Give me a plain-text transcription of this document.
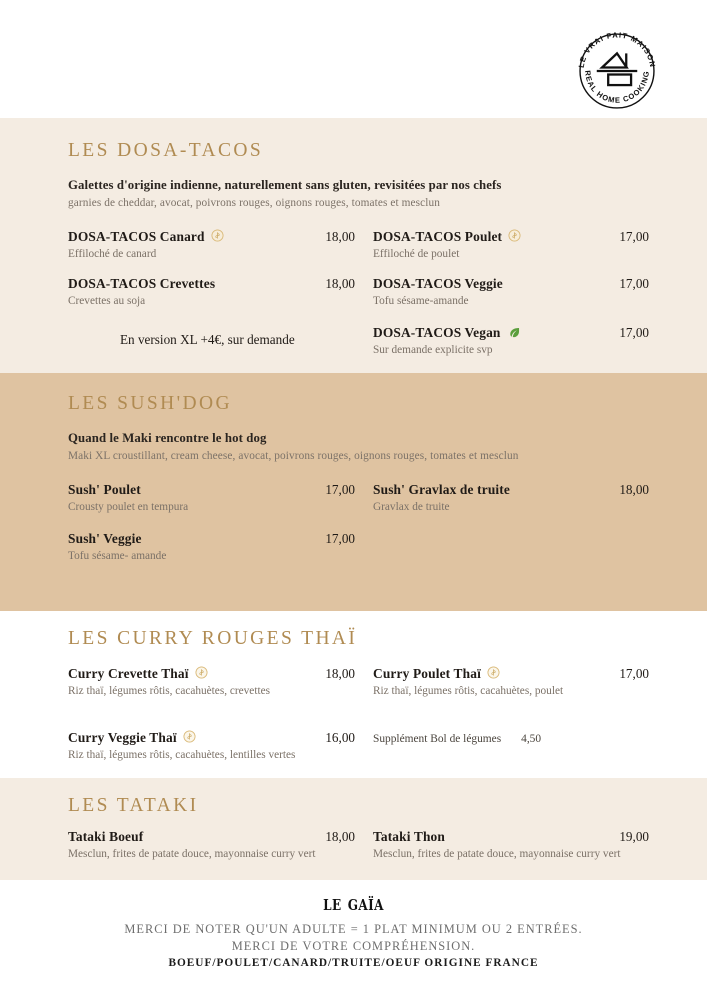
LE VRAI FAIT MAISON
REAL HOME COOKING
LES DOSA-TACOS
Galettes d'origine indienne, naturellement sans gluten, revisitées par nos chefs
garnies de cheddar, avocat, poivrons rouges, oignons rouges, tomates et mesclun
DOSA-TACOS Canard	18,00
Effiloché de canard
DOSA-TACOS Poulet	17,00
Effiloché de poulet
DOSA-TACOS Crevettes	18,00
Crevettes au soja
DOSA-TACOS Veggie	17,00
Tofu sésame-amande
En version XL +4€, sur demande	DOSA-TACOS Vegan	17,00
Sur demande explicite svp
LES SUSH'DOG
Quand le Maki rencontre le hot dog
Maki XL croustillant, cream cheese, avocat, poivrons rouges, oignons rouges, tomates et mesclun
Sush' Poulet	17,00
Crousty poulet en tempura
Sush' Gravlax de truite	18,00
Gravlax de truite
Sush' Veggie	17,00
Tofu sésame- amande
LES CURRY ROUGES THAÏ
Curry Crevette Thaï	18,00
Riz thaï, légumes rôtis, cacahuètes, crevettes
Curry Poulet Thaï	17,00
Riz thaï, légumes rôtis, cacahuètes, poulet
Curry Veggie Thaï	16,00
Riz thaï, légumes rôtis, cacahuètes, lentilles vertes
Supplément Bol de légumes 4,50
LES TATAKI
Tataki Boeuf	18,00
Mesclun, frites de patate douce, mayonnaise curry vert
Tataki Thon	19,00
Mesclun, frites de patate douce, mayonnaise curry vert
le gaïa
MERCI DE NOTER QU'UN ADULTE = 1 PLAT MINIMUM OU 2 ENTRÉES.
MERCI DE VOTRE COMPRÉHENSION.
BOEUF/POULET/CANARD/TRUITE/OEUF ORIGINE FRANCE
